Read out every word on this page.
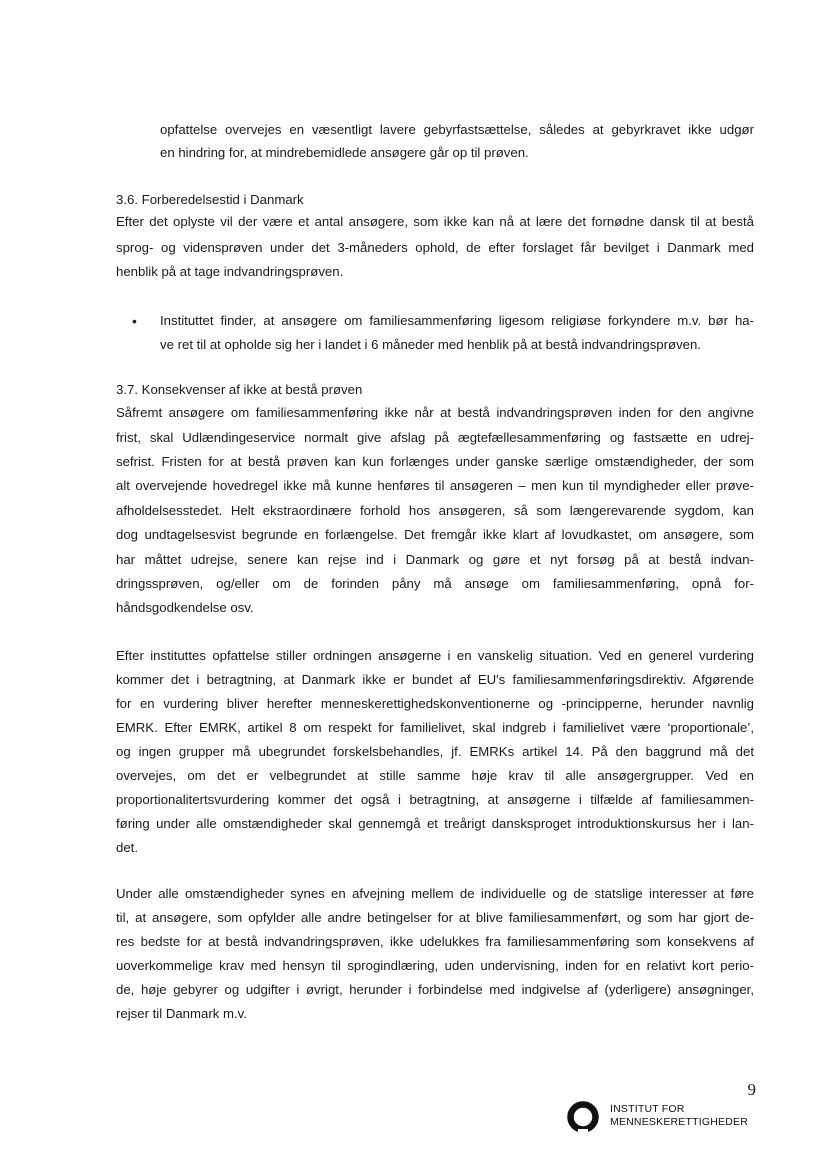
opfattelse overvejes en væsentligt lavere gebyrfastsættelse, således at gebyrkravet ikke udgør
en hindring for, at mindrebemidlede ansøgere går op til prøven.
3.6. Forberedelsestid i Danmark
Efter det oplyste vil der være et antal ansøgere, som ikke kan nå at lære det fornødne dansk til at bestå
sprog- og vidensprøven under det 3-måneders ophold, de efter forslaget får bevilget i Danmark med
henblik på at tage indvandringsprøven.
•	Instituttet finder, at ansøgere om familiesammenføring ligesom religiøse forkyndere m.v. bør ha-
ve ret til at opholde sig her i landet i 6 måneder med henblik på at bestå indvandringsprøven.
3.7. Konsekvenser af ikke at bestå prøven
Såfremt ansøgere om familiesammenføring ikke når at bestå indvandringsprøven inden for den angivne
frist, skal Udlændingeservice normalt give afslag på ægtefællesammenføring og fastsætte en udrej-
sefrist. Fristen for at bestå prøven kan kun forlænges under ganske særlige omstændigheder, der som
alt overvejende hovedregel ikke må kunne henføres til ansøgeren – men kun til myndigheder eller prøve-
afholdelsesstedet. Helt ekstraordinære forhold hos ansøgeren, så som længerevarende sygdom, kan
dog undtagelsesvist begrunde en forlængelse. Det fremgår ikke klart af lovudkastet, om ansøgere, som
har måttet udrejse, senere kan rejse ind i Danmark og gøre et nyt forsøg på at bestå indvan-
dringssprøven, og/eller om de forinden påny må ansøge om familiesammenføring, opnå for-
håndsgodkendelse osv.
Efter instituttes opfattelse stiller ordningen ansøgerne i en vanskelig situation. Ved en generel vurdering
kommer det i betragtning, at Danmark ikke er bundet af EU's familiesammenføringsdirektiv. Afgørende
for en vurdering bliver herefter menneskerettighedskonventionerne og -principperne, herunder navnlig
EMRK. Efter EMRK, artikel 8 om respekt for familielivet, skal indgreb i familielivet være ‘proportionale’,
og ingen grupper må ubegrundet forskelsbehandles, jf. EMRKs artikel 14. På den baggrund må det
overvejes, om det er velbegrundet at stille samme høje krav til alle ansøgergrupper. Ved en
proportionalitertsvurdering kommer det også i betragtning, at ansøgerne i tilfælde af familiesammen-
føring under alle omstændigheder skal gennemgå et treårigt dansksproget introduktionskursus her i lan-
det.
Under alle omstændigheder synes en afvejning mellem de individuelle og de statslige interesser at føre
til, at ansøgere, som opfylder alle andre betingelser for at blive familiesammenført, og som har gjort de-
res bedste for at bestå indvandringsprøven, ikke udelukkes fra familiesammenføring som konsekvens af
uoverkommelige krav med hensyn til sprogindlæring, uden undervisning, inden for en relativt kort perio-
de, høje gebyrer og udgifter i øvrigt, herunder i forbindelse med indgivelse af (yderligere) ansøgninger,
rejser til Danmark m.v.
9
INSTITUT FOR
MENNESKERETTIGHEDER
